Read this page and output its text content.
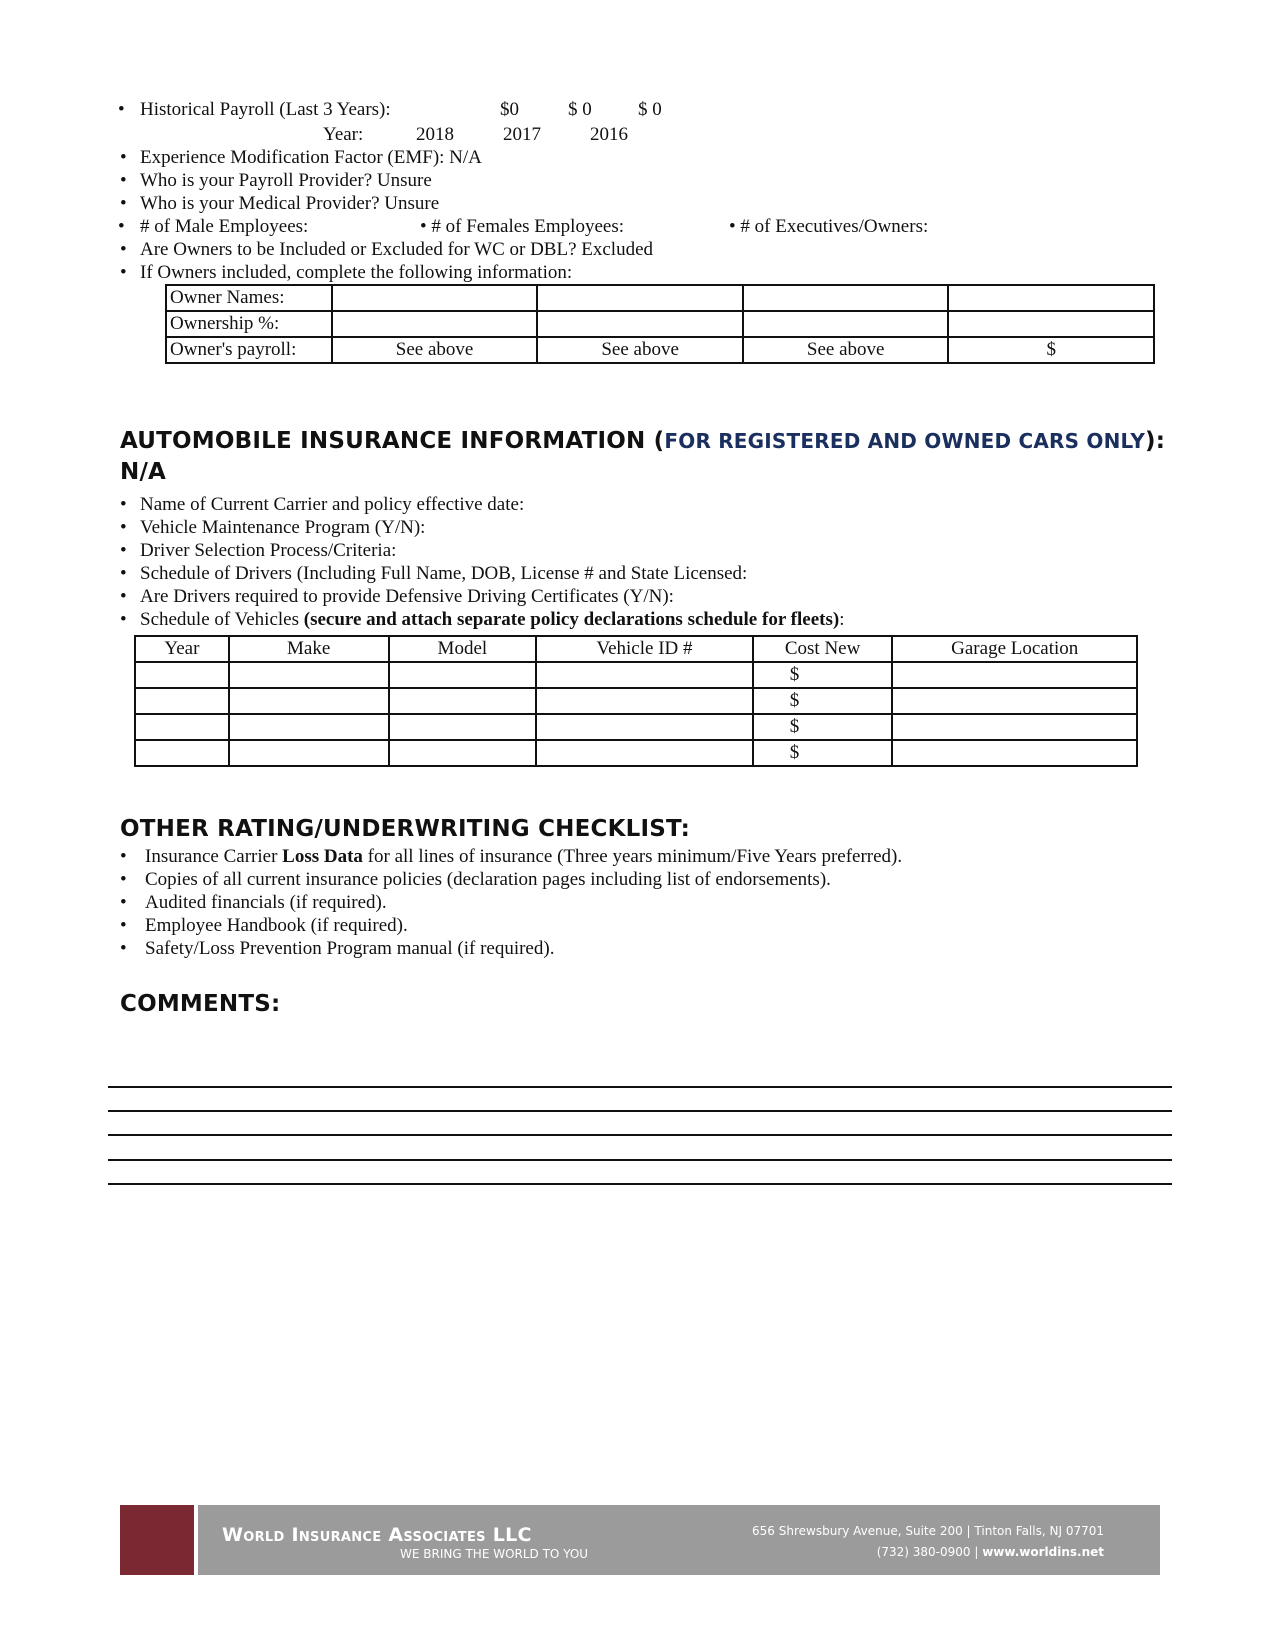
• Historical Payroll (Last 3 Years):	$0	$ 0 $ 0
Year:	2018	2017	2016
• Experience Modification Factor (EMF): N/A
• Who is your Payroll Provider? Unsure
• Who is your Medical Provider? Unsure
• # of Male Employees:	• # of Females Employees:	• # of Executives/Owners:
• Are Owners to be Included or Excluded for WC or DBL? Excluded
• If Owners included, complete the following information:
Owner Names:				
Ownership %:				
Owner's payroll:	See above	See above	See above	$
AUTOMOBILE INSURANCE INFORMATION (FOR REGISTERED AND OWNED CARS ONLY):
N/A
• Name of Current Carrier and policy effective date:
• Vehicle Maintenance Program (Y/N):
• Driver Selection Process/Criteria:
• Schedule of Drivers (Including Full Name, DOB, License # and State Licensed:
• Are Drivers required to provide Defensive Driving Certificates (Y/N):
• Schedule of Vehicles (secure and attach separate policy declarations schedule for fleets):
Year	Make	Model	Vehicle ID #	Cost New	Garage Location
				$	
				$	
				$	
				$	
OTHER RATING/UNDERWRITING CHECKLIST:
• Insurance Carrier Loss Data for all lines of insurance (Three years minimum/Five Years preferred).
• Copies of all current insurance policies (declaration pages including list of endorsements).
• Audited financials (if required).
• Employee Handbook (if required).
• Safety/Loss Prevention Program manual (if required).
COMMENTS:
World Insurance Associates LLC
WE BRING THE WORLD TO YOU
656 Shrewsbury Avenue, Suite 200 | Tinton Falls, NJ 07701
(732) 380-0900 | www.worldins.net
